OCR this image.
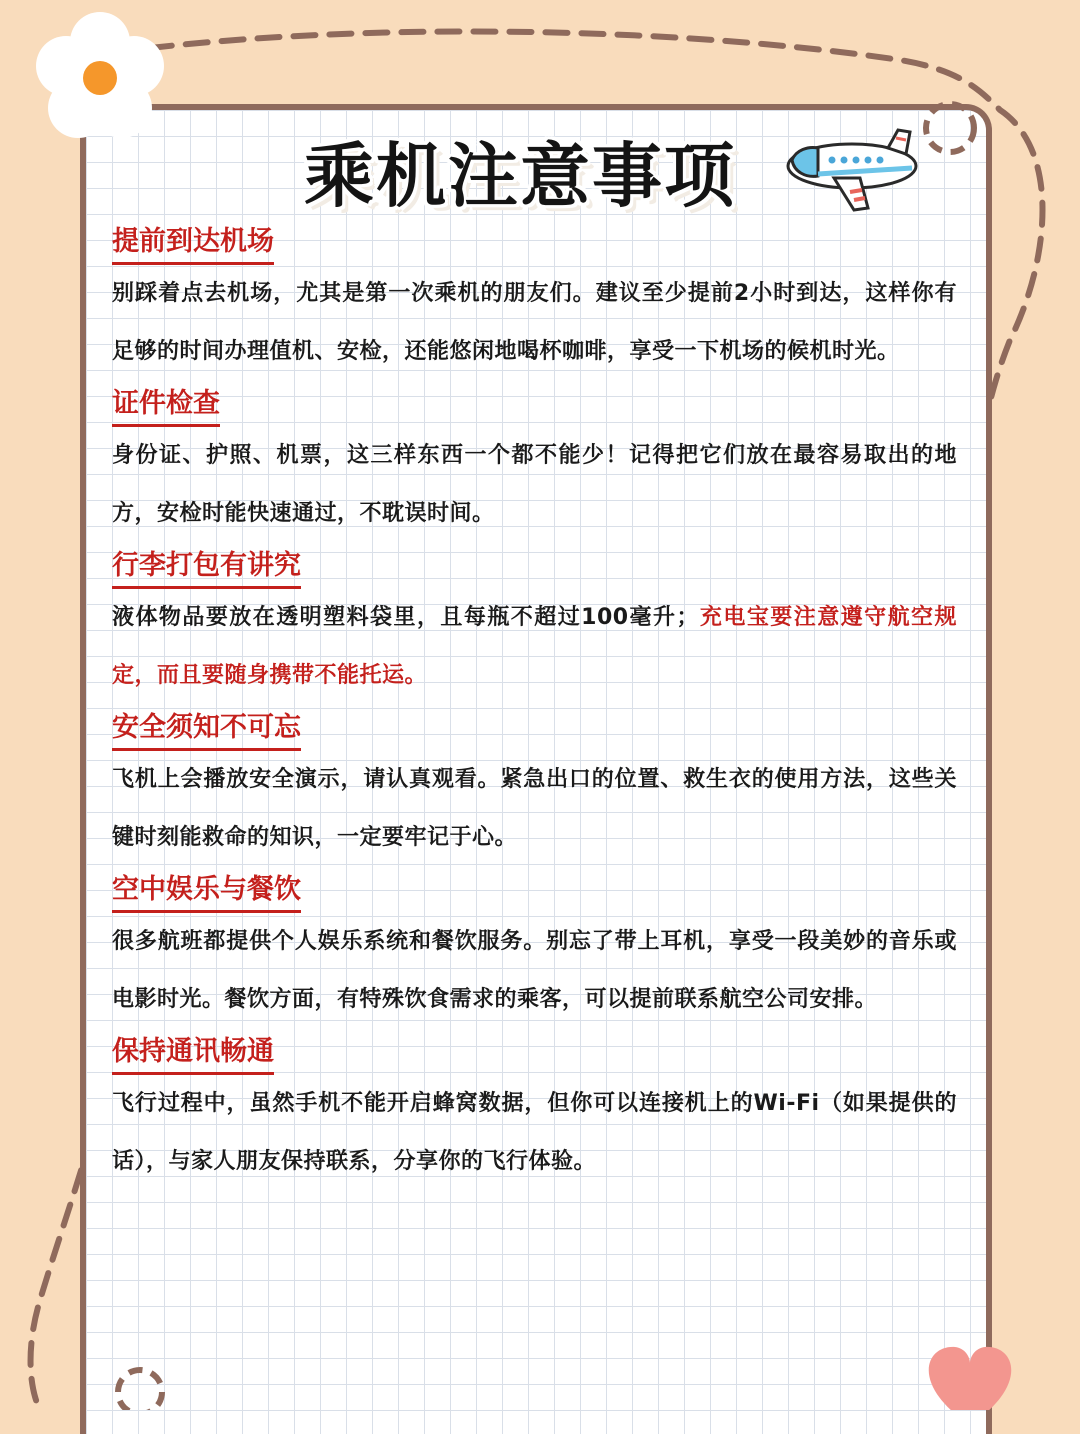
乘机注意事项
提前到达机场

别踩着点去机场，尤其是第一次乘机的朋友们。建议至少提前2小时到达，这样你有足够的时间办理值机、安检，还能悠闲地喝杯咖啡，享受一下机场的候机时光。

证件检查

身份证、护照、机票，这三样东西一个都不能少！记得把它们放在最容易取出的地方，安检时能快速通过，不耽误时间。

行李打包有讲究

液体物品要放在透明塑料袋里，且每瓶不超过100毫升；充电宝要注意遵守航空规定，而且要随身携带不能托运。

安全须知不可忘

飞机上会播放安全演示，请认真观看。紧急出口的位置、救生衣的使用方法，这些关键时刻能救命的知识，一定要牢记于心。

空中娱乐与餐饮

很多航班都提供个人娱乐系统和餐饮服务。别忘了带上耳机，享受一段美妙的音乐或电影时光。餐饮方面，有特殊饮食需求的乘客，可以提前联系航空公司安排。

保持通讯畅通

飞行过程中，虽然手机不能开启蜂窝数据，但你可以连接机上的Wi-Fi（如果提供的话），与家人朋友保持联系，分享你的飞行体验。
